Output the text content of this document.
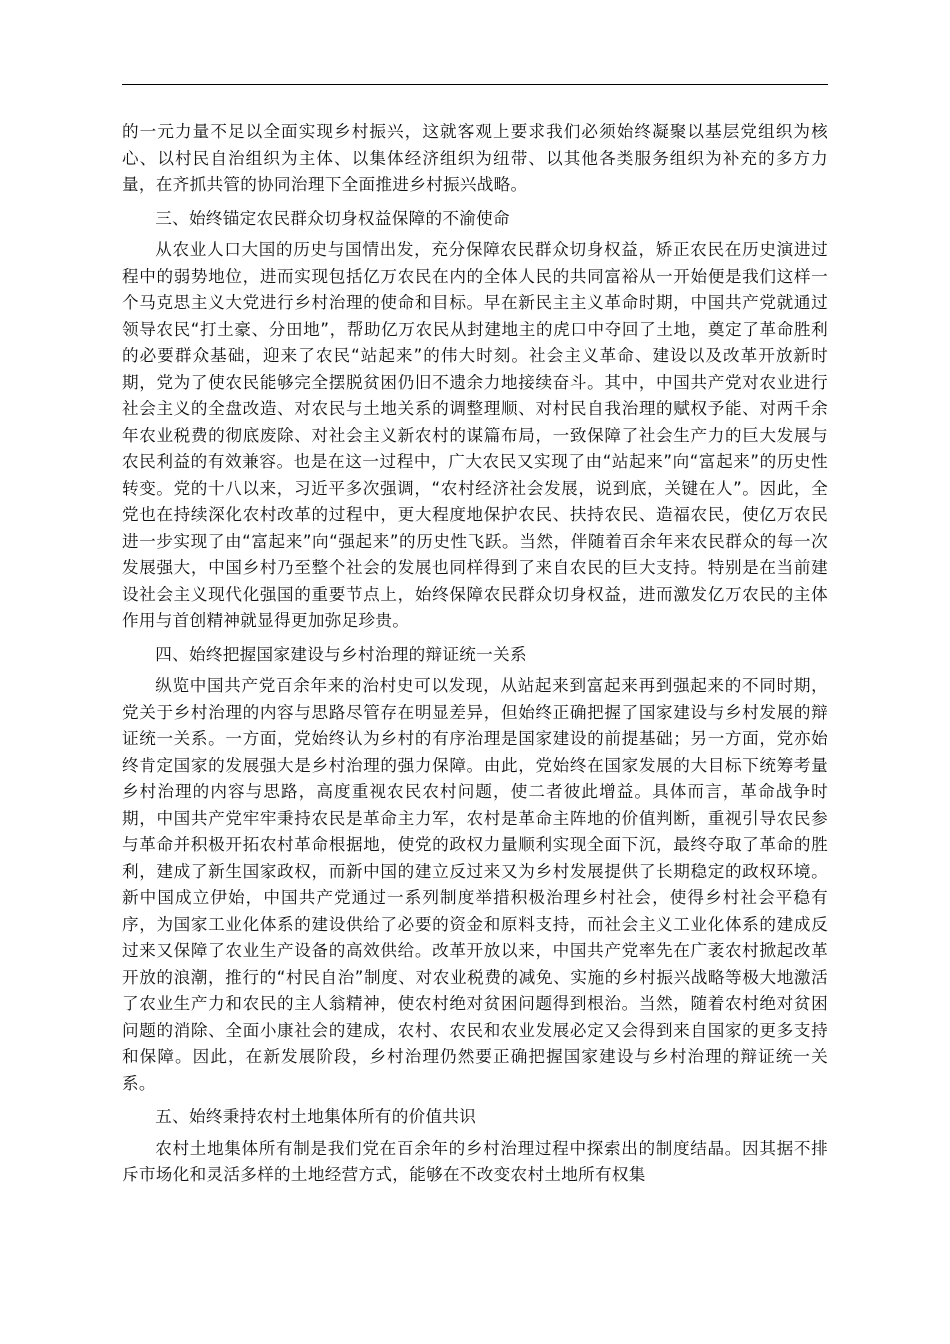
的一元力量不足以全面实现乡村振兴，这就客观上要求我们必须始终凝聚以基层党组织为核心、以村民自治组织为主体、以集体经济组织为纽带、以其他各类服务组织为补充的多方力量，在齐抓共管的协同治理下全面推进乡村振兴战略。

三、始终锚定农民群众切身权益保障的不渝使命

从农业人口大国的历史与国情出发，充分保障农民群众切身权益，矫正农民在历史演进过程中的弱势地位，进而实现包括亿万农民在内的全体人民的共同富裕从一开始便是我们这样一个马克思主义大党进行乡村治理的使命和目标。早在新民主主义革命时期，中国共产党就通过领导农民“打土豪、分田地”，帮助亿万农民从封建地主的虎口中夺回了土地，奠定了革命胜利的必要群众基础，迎来了农民“站起来”的伟大时刻。社会主义革命、建设以及改革开放新时期，党为了使农民能够完全摆脱贫困仍旧不遗余力地接续奋斗。其中，中国共产党对农业进行社会主义的全盘改造、对农民与土地关系的调整理顺、对村民自我治理的赋权予能、对两千余年农业税费的彻底废除、对社会主义新农村的谋篇布局，一致保障了社会生产力的巨大发展与农民利益的有效兼容。也是在这一过程中，广大农民又实现了由“站起来”向“富起来”的历史性转变。党的十八以来，习近平多次强调，“农村经济社会发展，说到底，关键在人”。因此，全党也在持续深化农村改革的过程中，更大程度地保护农民、扶持农民、造福农民，使亿万农民进一步实现了由“富起来”向“强起来”的历史性飞跃。当然，伴随着百余年来农民群众的每一次发展强大，中国乡村乃至整个社会的发展也同样得到了来自农民的巨大支持。特别是在当前建设社会主义现代化强国的重要节点上，始终保障农民群众切身权益，进而激发亿万农民的主体作用与首创精神就显得更加弥足珍贵。

四、始终把握国家建设与乡村治理的辩证统一关系

纵览中国共产党百余年来的治村史可以发现，从站起来到富起来再到强起来的不同时期，党关于乡村治理的内容与思路尽管存在明显差异，但始终正确把握了国家建设与乡村发展的辩证统一关系。一方面，党始终认为乡村的有序治理是国家建设的前提基础；另一方面，党亦始终肯定国家的发展强大是乡村治理的强力保障。由此，党始终在国家发展的大目标下统筹考量乡村治理的内容与思路，高度重视农民农村问题，使二者彼此增益。具体而言，革命战争时期，中国共产党牢牢秉持农民是革命主力军，农村是革命主阵地的价值判断，重视引导农民参与革命并积极开拓农村革命根据地，使党的政权力量顺利实现全面下沉，最终夺取了革命的胜利，建成了新生国家政权，而新中国的建立反过来又为乡村发展提供了长期稳定的政权环境。新中国成立伊始，中国共产党通过一系列制度举措积极治理乡村社会，使得乡村社会平稳有序，为国家工业化体系的建设供给了必要的资金和原料支持，而社会主义工业化体系的建成反过来又保障了农业生产设备的高效供给。改革开放以来，中国共产党率先在广袤农村掀起改革开放的浪潮，推行的“村民自治”制度、对农业税费的减免、实施的乡村振兴战略等极大地激活了农业生产力和农民的主人翁精神，使农村绝对贫困问题得到根治。当然，随着农村绝对贫困问题的消除、全面小康社会的建成，农村、农民和农业发展必定又会得到来自国家的更多支持和保障。因此，在新发展阶段，乡村治理仍然要正确把握国家建设与乡村治理的辩证统一关系。

五、始终秉持农村土地集体所有的价值共识

农村土地集体所有制是我们党在百余年的乡村治理过程中探索出的制度结晶。因其据不排斥市场化和灵活多样的土地经营方式，能够在不改变农村土地所有权集
